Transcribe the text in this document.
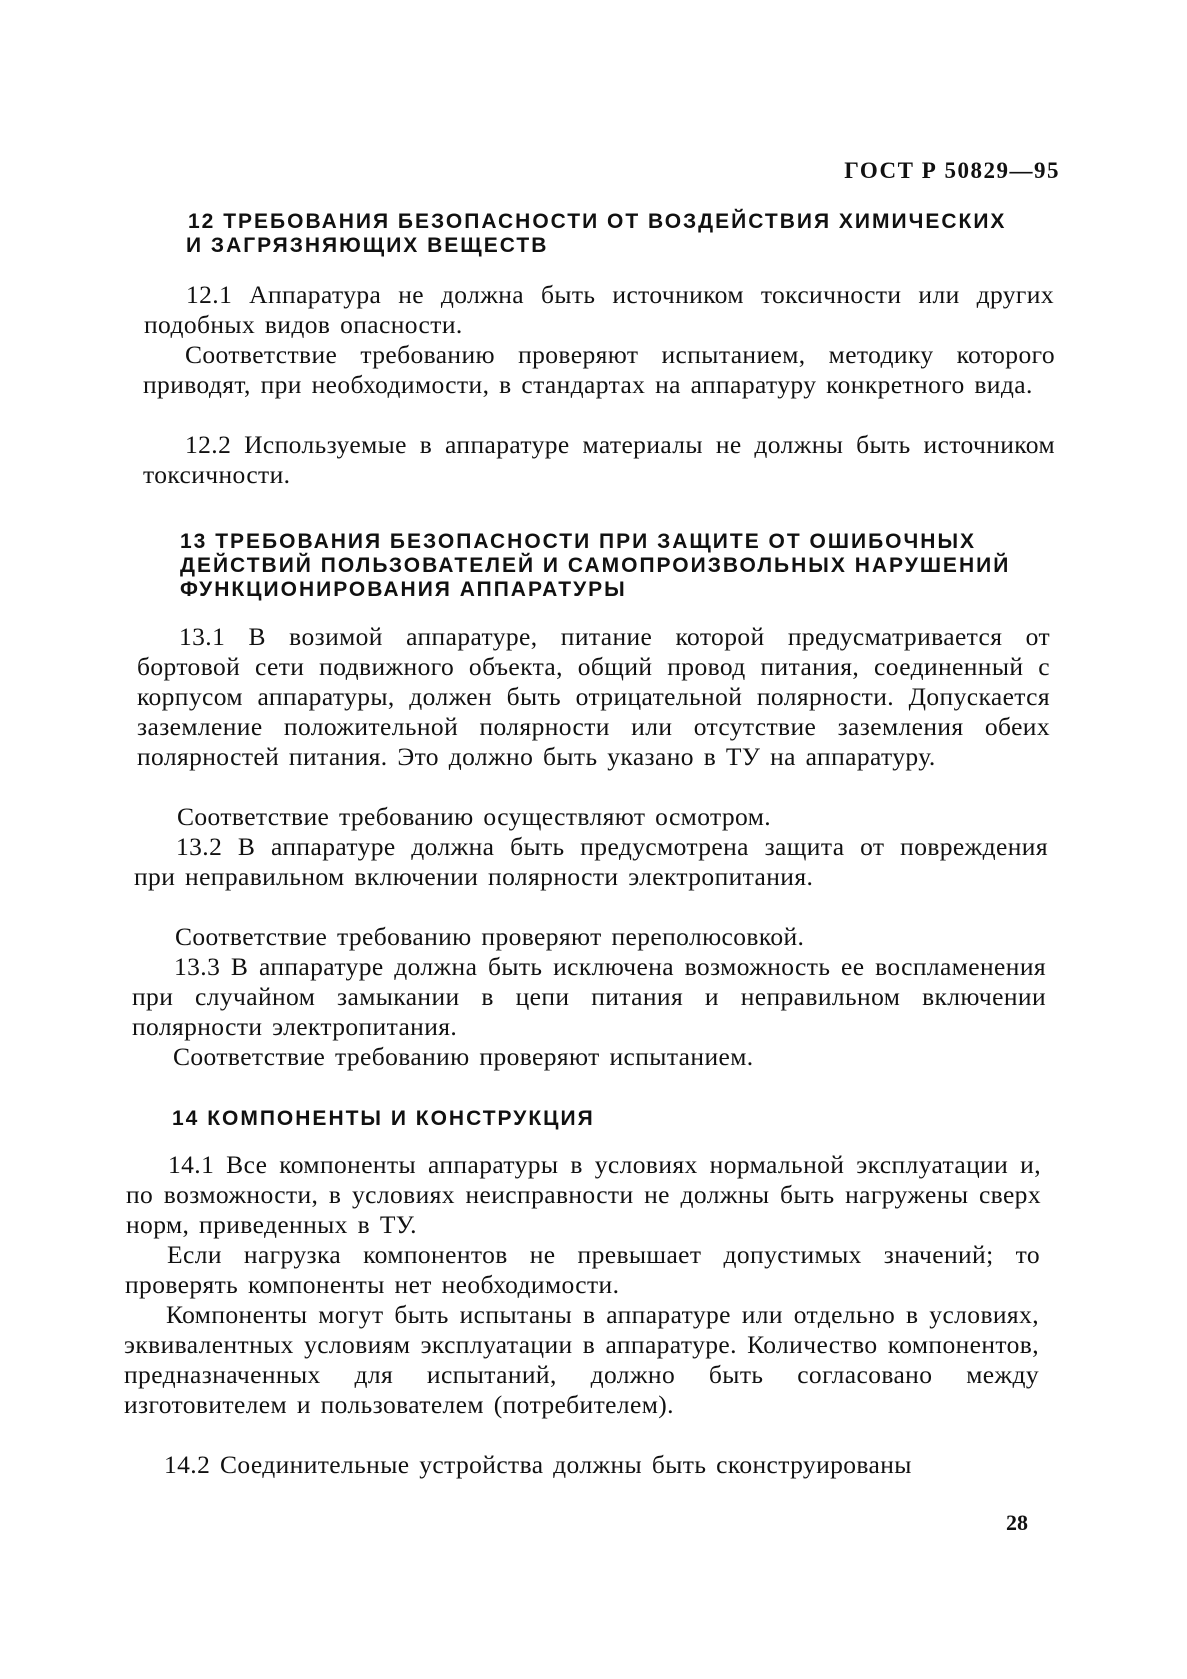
ГОСТ Р 50829—95
12 ТРЕБОВАНИЯ БЕЗОПАСНОСТИ ОТ ВОЗДЕЙСТВИЯ ХИМИЧЕСКИХ
И ЗАГРЯЗНЯЮЩИХ ВЕЩЕСТВ

12.1 Аппаратура не должна быть источником токсичности или других подобных видов опасности.

Соответствие требованию проверяют испытанием, методику которого приводят, при необходимости, в стандартах на аппаратуру конкретного вида.

12.2 Используемые в аппаратуре материалы не должны быть источником токсичности.

13 ТРЕБОВАНИЯ БЕЗОПАСНОСТИ ПРИ ЗАЩИТЕ ОТ ОШИБОЧНЫХ
ДЕЙСТВИЙ ПОЛЬЗОВАТЕЛЕЙ И САМОПРОИЗВОЛЬНЫХ НАРУШЕНИЙ
ФУНКЦИОНИРОВАНИЯ АППАРАТУРЫ

13.1 В возимой аппаратуре, питание которой предусматривается от бортовой сети подвижного объекта, общий провод питания, соединенный с корпусом аппаратуры, должен быть отрицательной полярности. Допускается заземление положительной полярности или отсутствие заземления обеих полярностей питания. Это должно быть указано в ТУ на аппаратуру.

Соответствие требованию осуществляют осмотром.

13.2 В аппаратуре должна быть предусмотрена защита от повреждения при неправильном включении полярности электропитания.

Соответствие требованию проверяют переполюсовкой.

13.3 В аппаратуре должна быть исключена возможность ее воспламенения при случайном замыкании в цепи питания и неправильном включении полярности электропитания.

Соответствие требованию проверяют испытанием.

14 КОМПОНЕНТЫ И КОНСТРУКЦИЯ

14.1 Все компоненты аппаратуры в условиях нормальной эксплуатации и, по возможности, в условиях неисправности не должны быть нагружены сверх норм, приведенных в ТУ.

Если нагрузка компонентов не превышает допустимых значений; то проверять компоненты нет необходимости.

Компоненты могут быть испытаны в аппаратуре или отдельно в условиях, эквивалентных условиям эксплуатации в аппаратуре. Количество компонентов, предназначенных для испытаний, должно быть согласовано между изготовителем и пользователем (потребителем).

14.2 Соединительные устройства должны быть сконструированы

28
